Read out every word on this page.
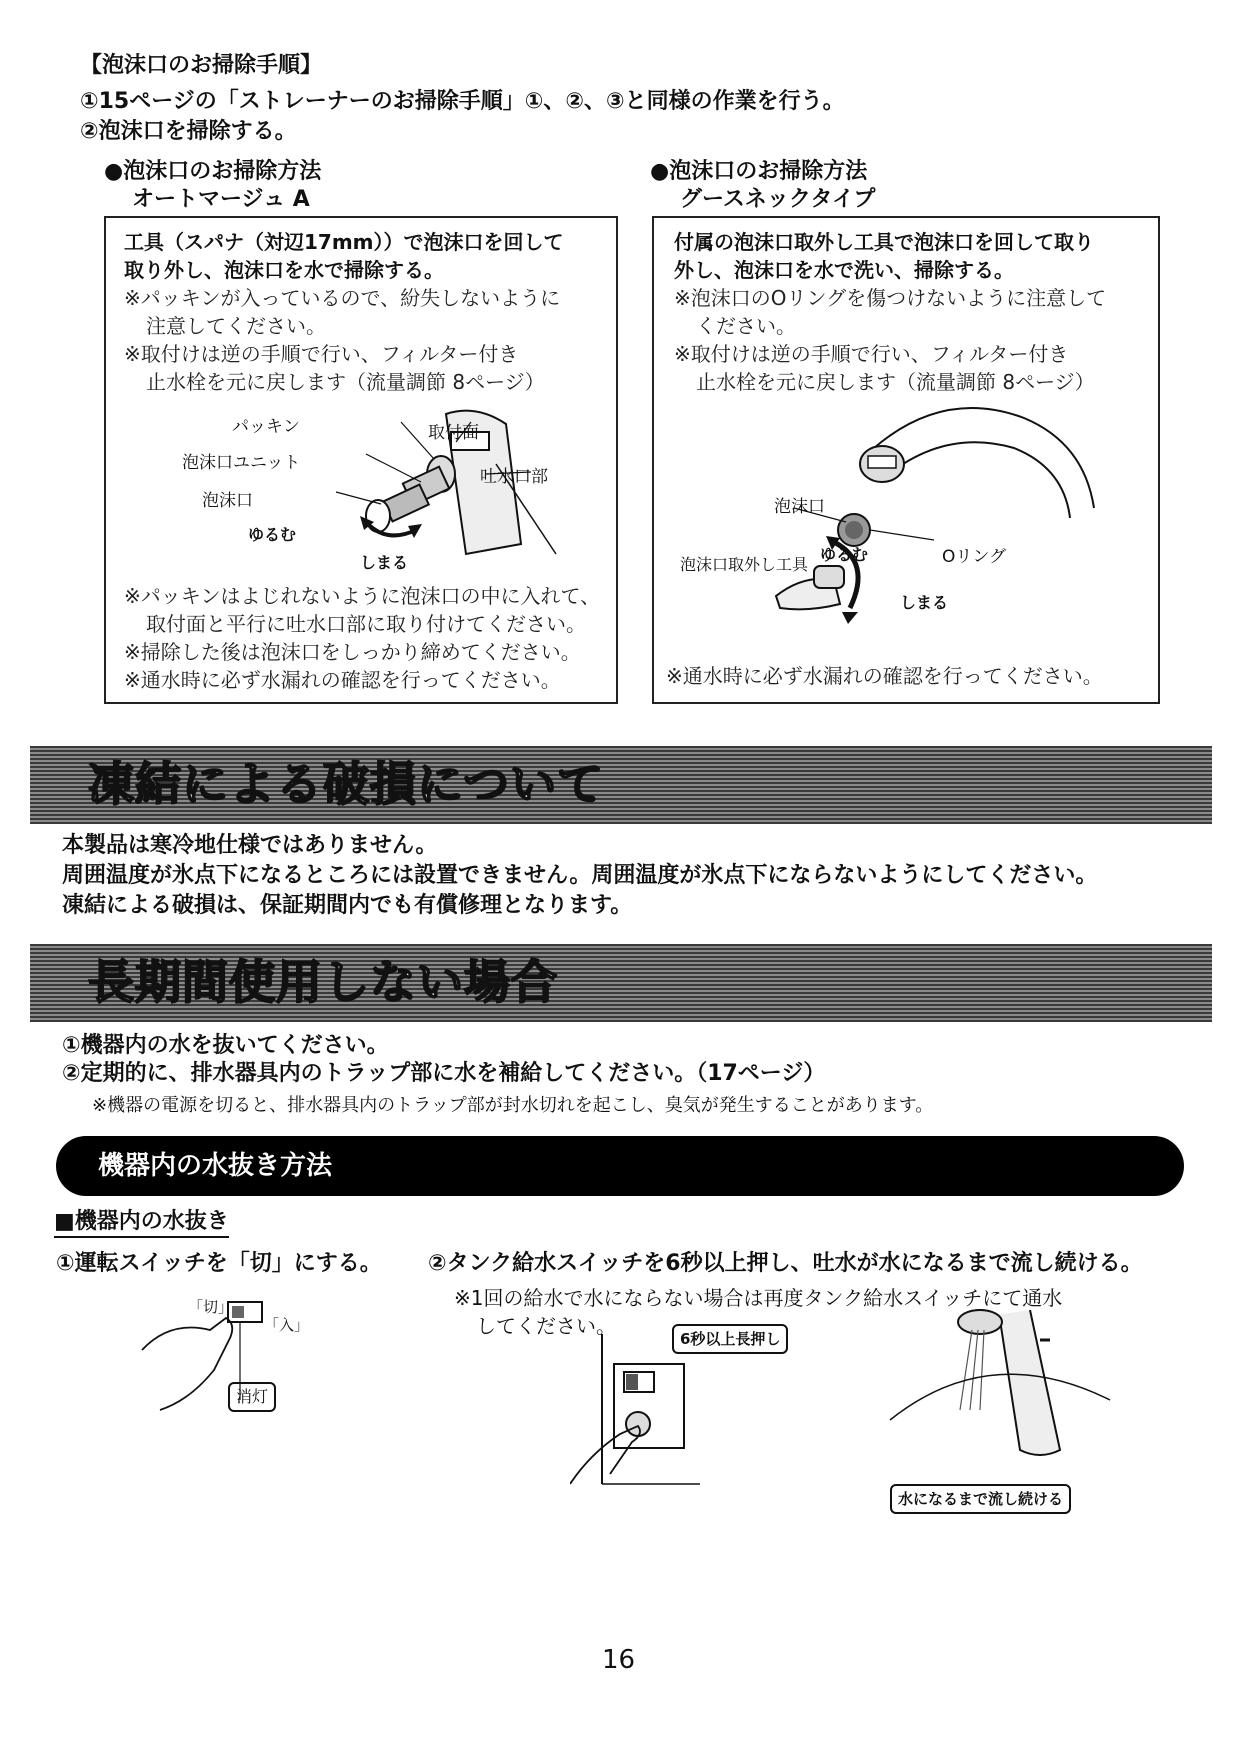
【泡沫口のお掃除手順】
①15ページの「ストレーナーのお掃除手順」①、②、③と同様の作業を行う。
②泡沫口を掃除する。
●泡沫口のお掃除方法
オートマージュ A
●泡沫口のお掃除方法
グースネックタイプ

工具（スパナ（対辺17mm））で泡沫口を回して

取り外し、泡沫口を水で掃除する。

※パッキンが入っているので、紛失しないように

注意してください。

※取付けは逆の手順で行い、フィルター付き

止水栓を元に戻します（流量調節 8ページ）

パッキン	取付面
泡沫口ユニット
吐水口部
泡沫口
ゆるむ
しまる

※パッキンはよじれないように泡沫口の中に入れて、

取付面と平行に吐水口部に取り付けてください。

※掃除した後は泡沫口をしっかり締めてください。

※通水時に必ず水漏れの確認を行ってください。

付属の泡沫口取外し工具で泡沫口を回して取り

外し、泡沫口を水で洗い、掃除する。

※泡沫口のOリングを傷つけないように注意して

ください。

※取付けは逆の手順で行い、フィルター付き

止水栓を元に戻します（流量調節 8ページ）

泡沫口
泡沫口取外し工具
ゆるむ	Oリング
しまる

※通水時に必ず水漏れの確認を行ってください。

凍結による破損について
本製品は寒冷地仕様ではありません。
周囲温度が氷点下になるところには設置できません。周囲温度が氷点下にならないようにしてください。
凍結による破損は、保証期間内でも有償修理となります。
長期間使用しない場合
①機器内の水を抜いてください。
②定期的に、排水器具内のトラップ部に水を補給してください。（17ページ）
※機器の電源を切ると、排水器具内のトラップ部が封水切れを起こし、臭気が発生することがあります。
機器内の水抜き方法
■機器内の水抜き
①運転スイッチを「切」にする。 ②タンク給水スイッチを6秒以上押し、吐水が水になるまで流し続ける。
※1回の給水で水にならない場合は再度タンク給水スイッチにて通水
してください。
「切」
「入」
消灯
6秒以上長押し
水になるまで流し続ける
16
